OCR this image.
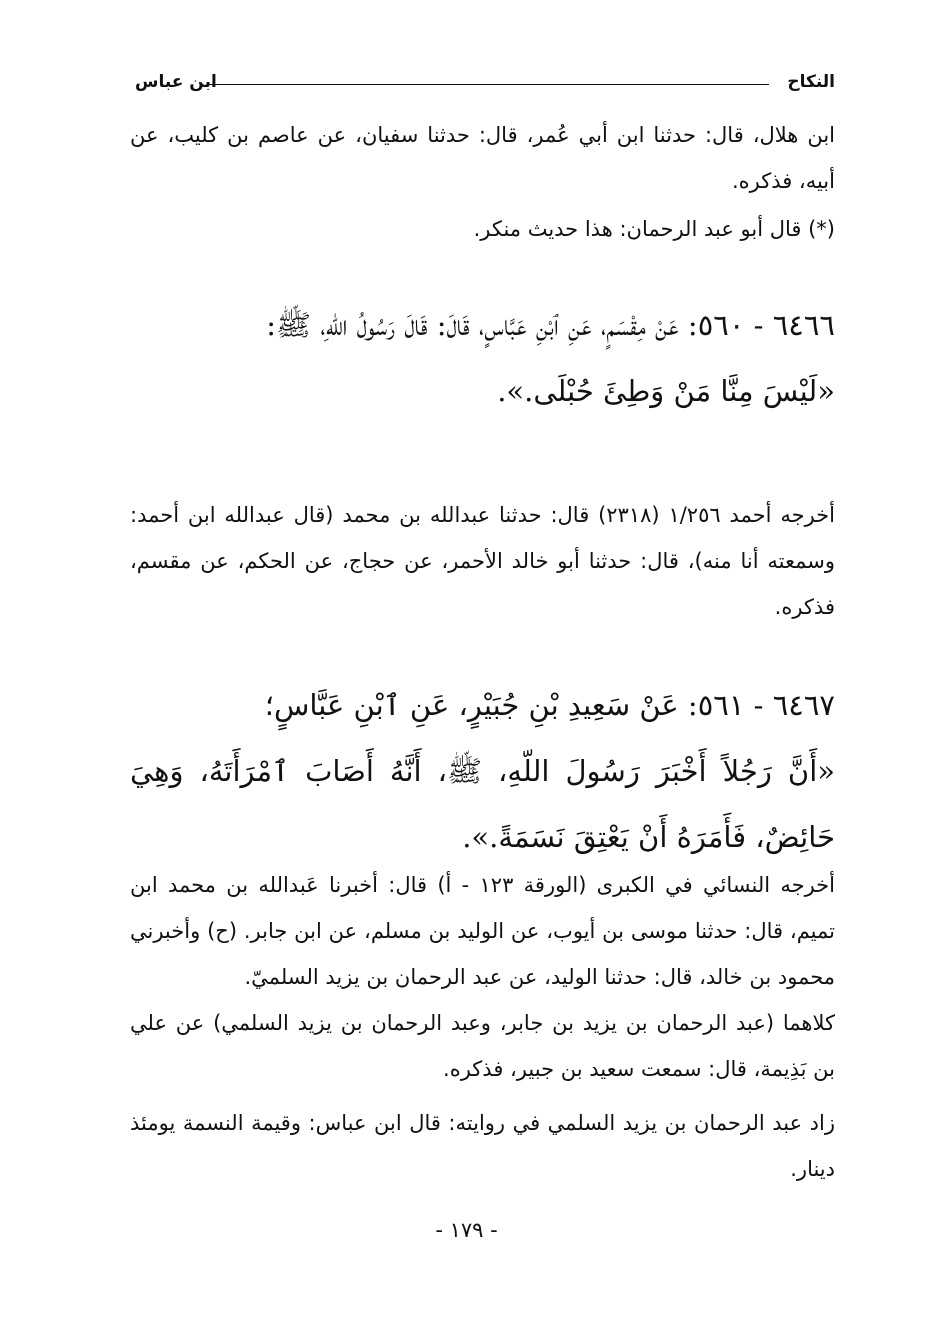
النكاح
ابن عباس

ابن هلال، قال: حدثنا ابن أبي عُمر، قال: حدثنا سفيان، عن عاصم بن كليب، عن أبيه، فذكره.

(*) قال أبو عبد الرحمان: هذا حديث منكر.

٦٤٦٦ - ٥٦٠: عَنْ مِقْسَمٍ، عَنِ ٱبْنِ عَبَّاسٍ، قَالَ: قَالَ رَسُولُ اللّهِ، ﷺ:

«لَيْسَ مِنَّا مَنْ وَطِئَ حُبْلَى.».

أخرجه أحمد ١/٢٥٦ (٢٣١٨) قال: حدثنا عبدالله بن محمد (قال عبدالله ابن أحمد: وسمعته أنا منه)، قال: حدثنا أبو خالد الأحمر، عن حجاج، عن الحكم، عن مقسم، فذكره.

٦٤٦٧ - ٥٦١: عَنْ سَعِيدِ بْنِ جُبَيْرٍ، عَنِ ٱبْنِ عَبَّاسٍ؛

«أَنَّ رَجُلاً أَخْبَرَ رَسُولَ اللّهِ، ﷺ، أَنَّهُ أَصَابَ ٱمْرَأَتَهُ، وَهِيَ حَائِضٌ، فَأَمَرَهُ أَنْ يَعْتِقَ نَسَمَةً.».

أخرجه النسائي في الكبرى (الورقة ١٢٣ - أ) قال: أخبرنا عَبدالله بن محمد ابن تميم، قال: حدثنا موسى بن أيوب، عن الوليد بن مسلم، عن ابن جابر. (ح) وأخبرني محمود بن خالد، قال: حدثنا الوليد، عن عبد الرحمان بن يزيد السلميّ.

كلاهما (عبد الرحمان بن يزيد بن جابر، وعبد الرحمان بن يزيد السلمي) عن علي بن بَذِيمة، قال: سمعت سعيد بن جبير، فذكره.

زاد عبد الرحمان بن يزيد السلمي في روايته: قال ابن عباس: وقيمة النسمة يومئذ دينار.

- ١٧٩ -
